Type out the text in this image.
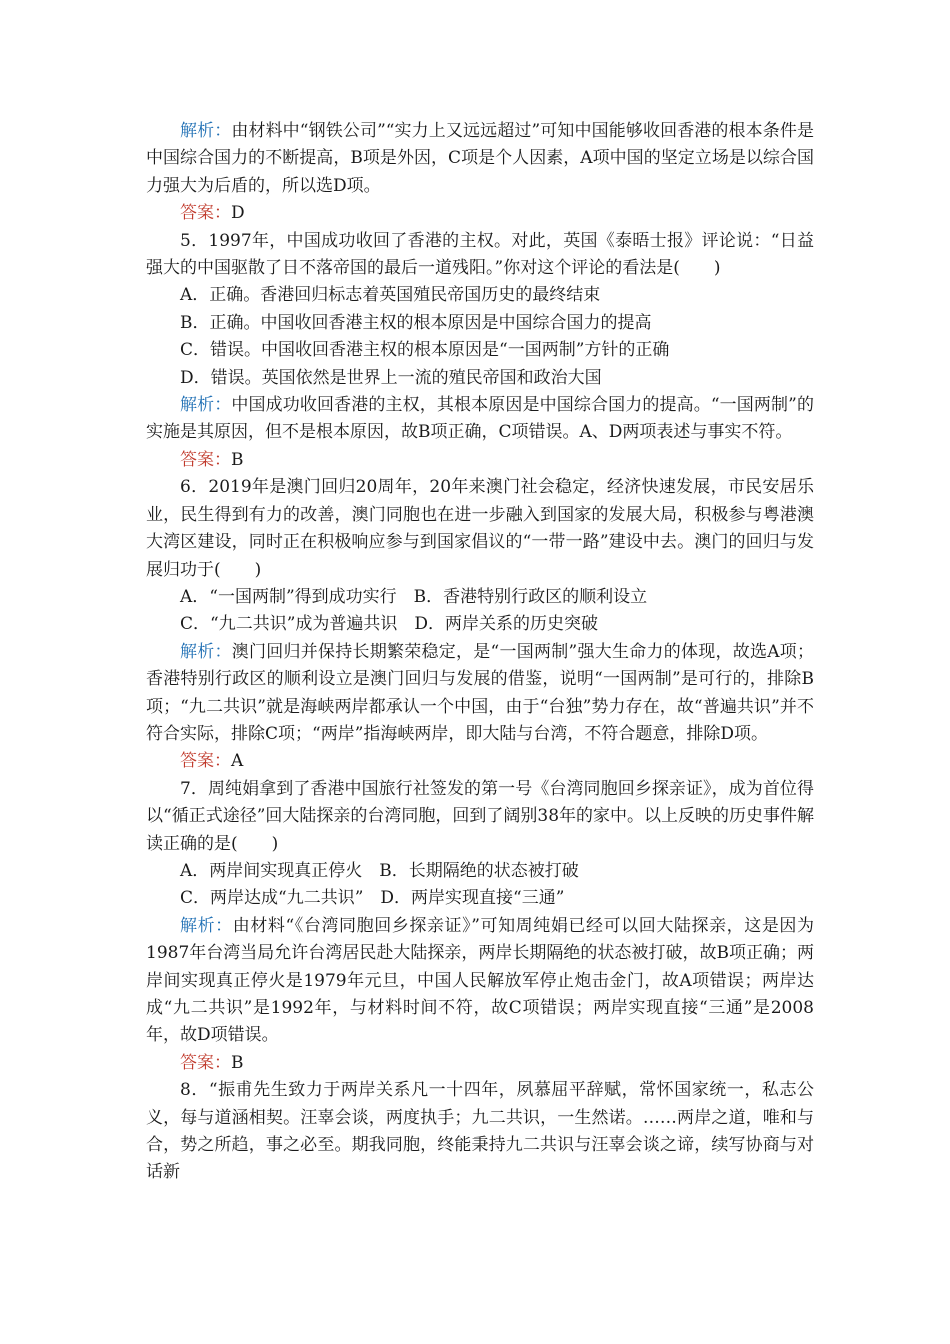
解析：由材料中“钢铁公司”“实力上又远远超过”可知中国能够收回香港的根本条件是中国综合国力的不断提高，B项是外因，C项是个人因素，A项中国的坚定立场是以综合国力强大为后盾的，所以选D项。

答案：D

5．1997年，中国成功收回了香港的主权。对此，英国《泰晤士报》评论说：“日益强大的中国驱散了日不落帝国的最后一道残阳。”你对这个评论的看法是(　　)

A．正确。香港回归标志着英国殖民帝国历史的最终结束

B．正确。中国收回香港主权的根本原因是中国综合国力的提高

C．错误。中国收回香港主权的根本原因是“一国两制”方针的正确

D．错误。英国依然是世界上一流的殖民帝国和政治大国

解析：中国成功收回香港的主权，其根本原因是中国综合国力的提高。“一国两制”的实施是其原因，但不是根本原因，故B项正确，C项错误。A、D两项表述与事实不符。

答案：B

6．2019年是澳门回归20周年，20年来澳门社会稳定，经济快速发展，市民安居乐业，民生得到有力的改善，澳门同胞也在进一步融入到国家的发展大局，积极参与粤港澳大湾区建设，同时正在积极响应参与到国家倡议的“一带一路”建设中去。澳门的回归与发展归功于(　　)

A．“一国两制”得到成功实行　B．香港特别行政区的顺利设立

C．“九二共识”成为普遍共识　D．两岸关系的历史突破

解析：澳门回归并保持长期繁荣稳定，是“一国两制”强大生命力的体现，故选A项；香港特别行政区的顺利设立是澳门回归与发展的借鉴，说明“一国两制”是可行的，排除B项；“九二共识”就是海峡两岸都承认一个中国，由于“台独”势力存在，故“普遍共识”并不符合实际，排除C项；“两岸”指海峡两岸，即大陆与台湾，不符合题意，排除D项。

答案：A

7．周纯娟拿到了香港中国旅行社签发的第一号《台湾同胞回乡探亲证》，成为首位得以“循正式途径”回大陆探亲的台湾同胞，回到了阔别38年的家中。以上反映的历史事件解读正确的是(　　)

A．两岸间实现真正停火　B．长期隔绝的状态被打破

C．两岸达成“九二共识”　D．两岸实现直接“三通”

解析：由材料“《台湾同胞回乡探亲证》”可知周纯娟已经可以回大陆探亲，这是因为1987年台湾当局允许台湾居民赴大陆探亲，两岸长期隔绝的状态被打破，故B项正确；两岸间实现真正停火是1979年元旦，中国人民解放军停止炮击金门，故A项错误；两岸达成“九二共识”是1992年，与材料时间不符，故C项错误；两岸实现直接“三通”是2008年，故D项错误。

答案：B

8．“振甫先生致力于两岸关系凡一十四年，夙慕屈平辞赋，常怀国家统一，私志公义，每与道涵相契。汪辜会谈，两度执手；九二共识，一生然诺。……两岸之道，唯和与合，势之所趋，事之必至。期我同胞，终能秉持九二共识与汪辜会谈之谛，续写协商与对话新
